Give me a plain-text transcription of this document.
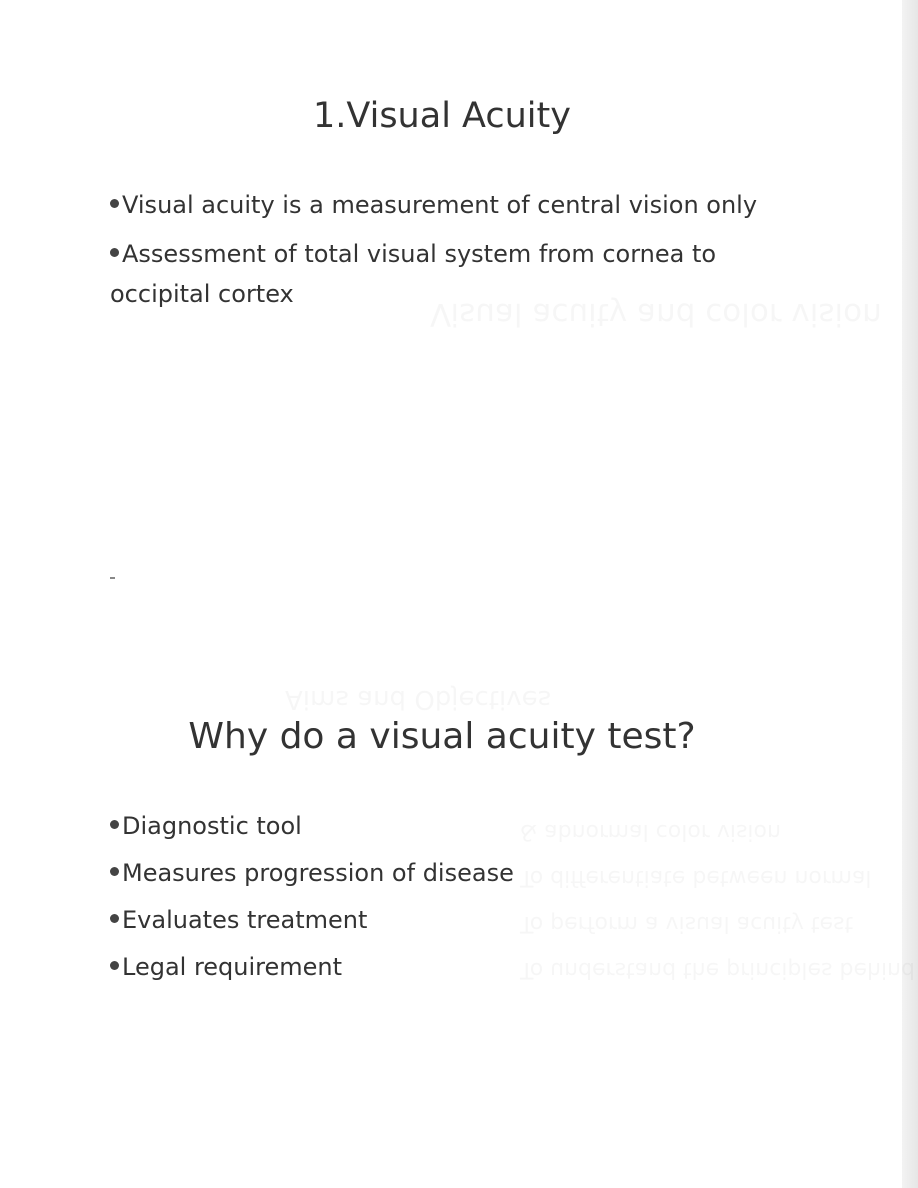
1.Visual Acuity
Visual acuity is a measurement of central vision only
Assessment of total visual system from cornea to occipital cortex
Why do a visual acuity test?
Diagnostic tool
Measures progression of disease
Evaluates treatment
Legal requirement
